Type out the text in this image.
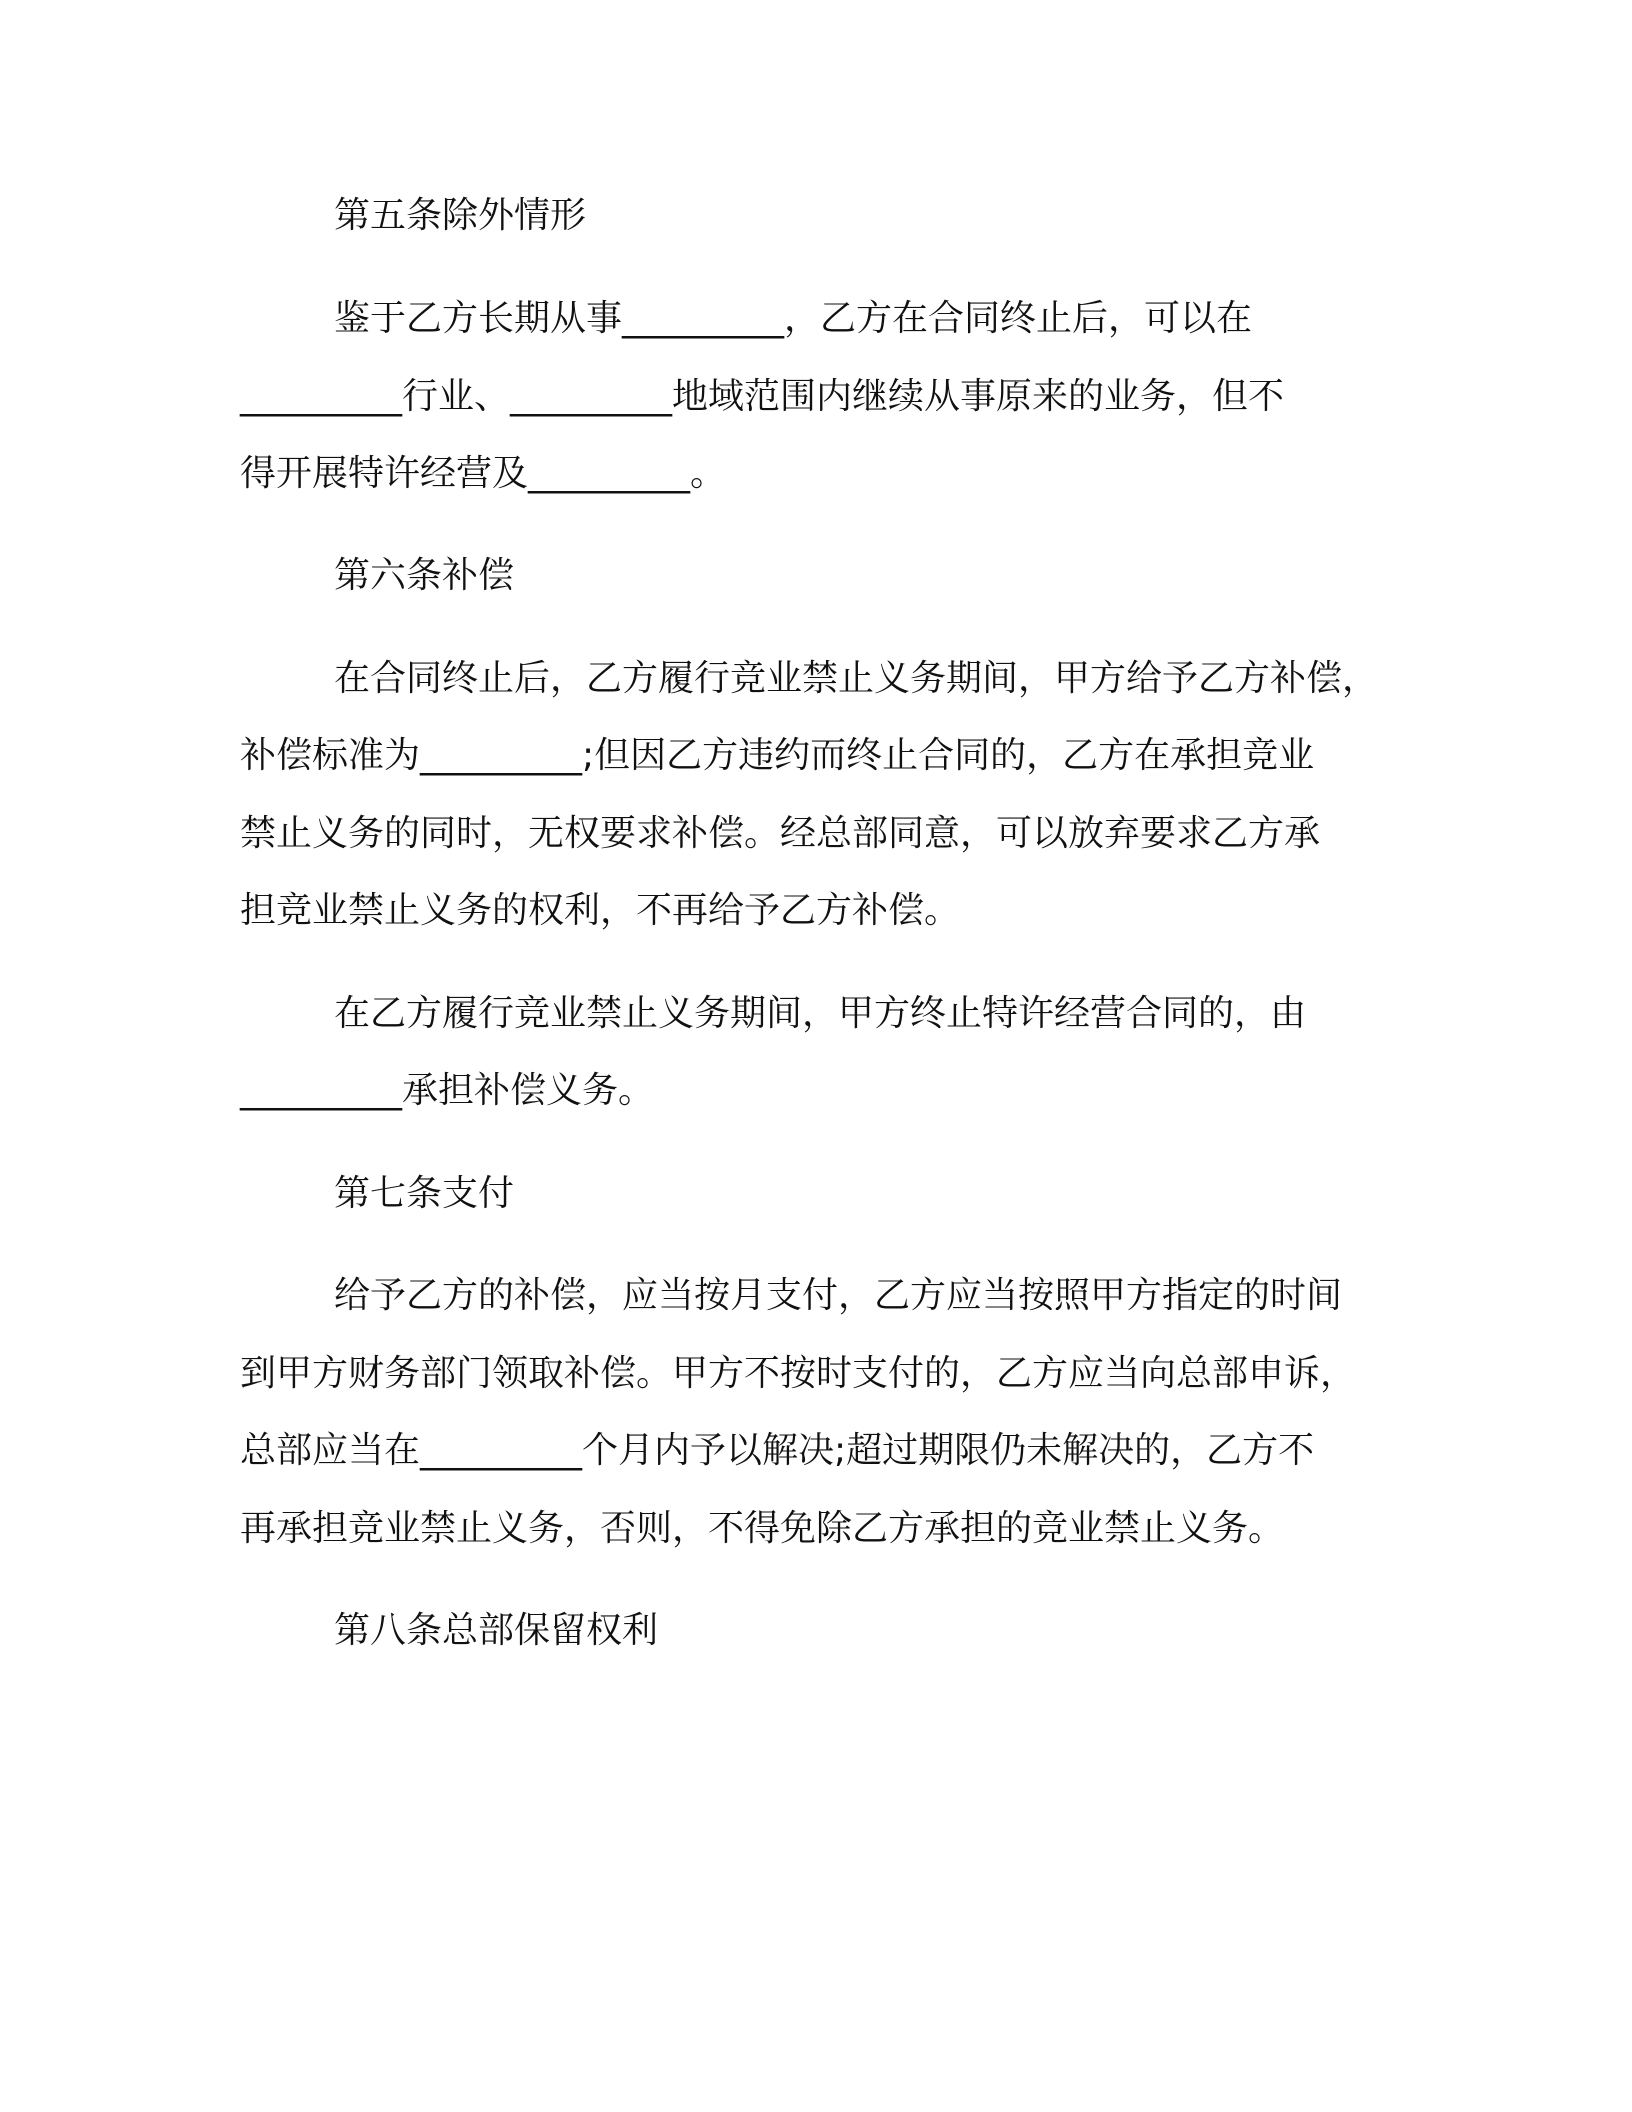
第五条除外情形
鉴于乙方长期从事_________，乙方在合同终止后，可以在
_________行业、_________地域范围内继续从事原来的业务，但不
得开展特许经营及_________。
第六条补偿
在合同终止后，乙方履行竞业禁止义务期间，甲方给予乙方补偿，
补偿标准为_________;但因乙方违约而终止合同的，乙方在承担竞业
禁止义务的同时，无权要求补偿。经总部同意，可以放弃要求乙方承
担竞业禁止义务的权利，不再给予乙方补偿。
在乙方履行竞业禁止义务期间，甲方终止特许经营合同的，由
_________承担补偿义务。
第七条支付
给予乙方的补偿，应当按月支付，乙方应当按照甲方指定的时间
到甲方财务部门领取补偿。甲方不按时支付的，乙方应当向总部申诉，
总部应当在_________个月内予以解决;超过期限仍未解决的，乙方不
再承担竞业禁止义务，否则，不得免除乙方承担的竞业禁止义务。
第八条总部保留权利
